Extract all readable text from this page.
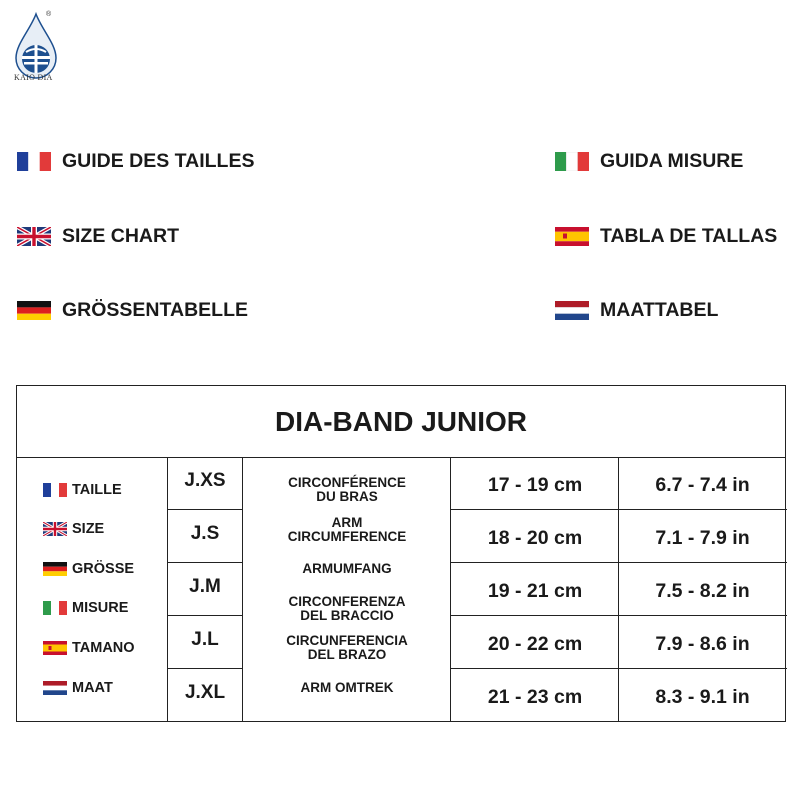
®
KAIO DIA
GUIDE DES TAILLES
SIZE CHART
GRÖSSENTABELLE
GUIDA MISURE
TABLA DE TALLAS
MAATTABEL
DIA-BAND JUNIOR
TAILLE
SIZE
GRÖSSE
MISURE
TAMANO
MAAT
J.XS
J.S
J.M
J.L
J.XL
CIRCONFÉRENCE
DU BRAS
ARM
CIRCUMFERENCE
ARMUMFANG
CIRCONFERENZA
DEL BRACCIO
CIRCUNFERENCIA
DEL BRAZO
ARM OMTREK
17 - 19 cm
18 - 20 cm
19 - 21 cm
20 - 22 cm
21 - 23 cm
6.7 - 7.4 in
7.1 - 7.9 in
7.5 - 8.2 in
7.9 - 8.6 in
8.3 - 9.1 in
